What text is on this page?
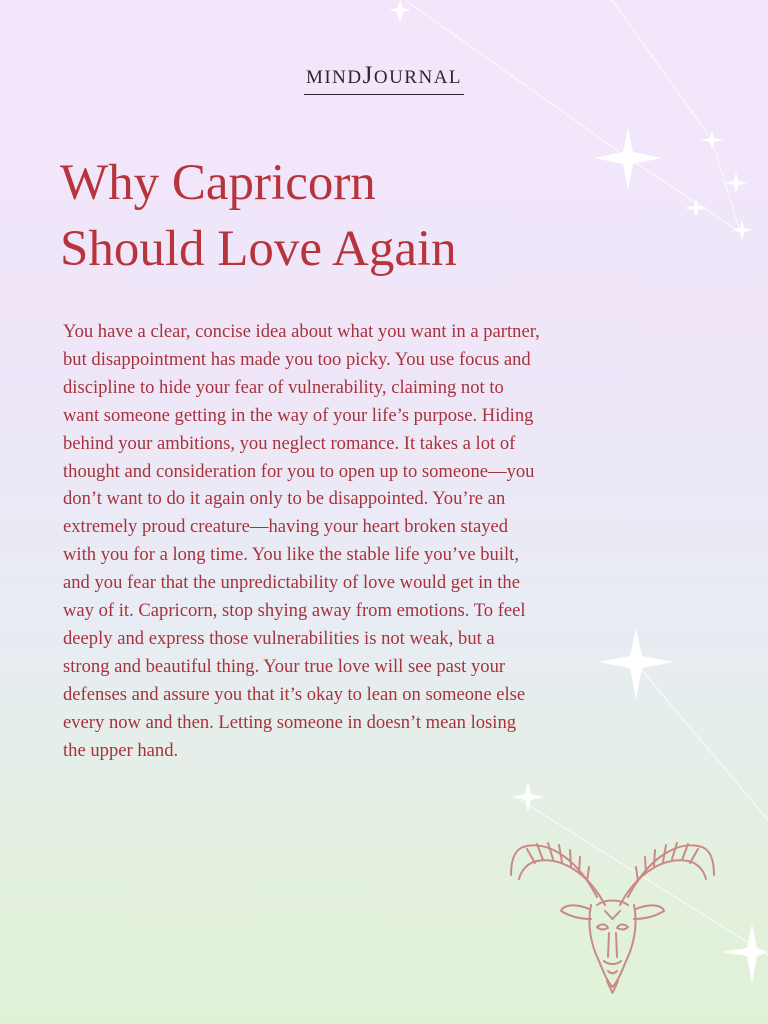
MINDJOURNAL
Why Capricorn
Should Love Again

You have a clear, concise idea about what you want in a partner, but disappointment has made you too picky. You use focus and discipline to hide your fear of vulnerability, claiming not to want someone getting in the way of your life’s purpose. Hiding behind your ambitions, you neglect romance. It takes a lot of thought and consideration for you to open up to someone—you don’t want to do it again only to be disappointed. You’re an extremely proud creature—having your heart broken stayed with you for a long time. You like the stable life you’ve built, and you fear that the unpredictability of love would get in the way of it. Capricorn, stop shying away from emotions. To feel deeply and express those vulnerabilities is not weak, but a strong and beautiful thing. Your true love will see past your defenses and assure you that it’s okay to lean on someone else every now and then. Letting someone in doesn’t mean losing the upper hand.
